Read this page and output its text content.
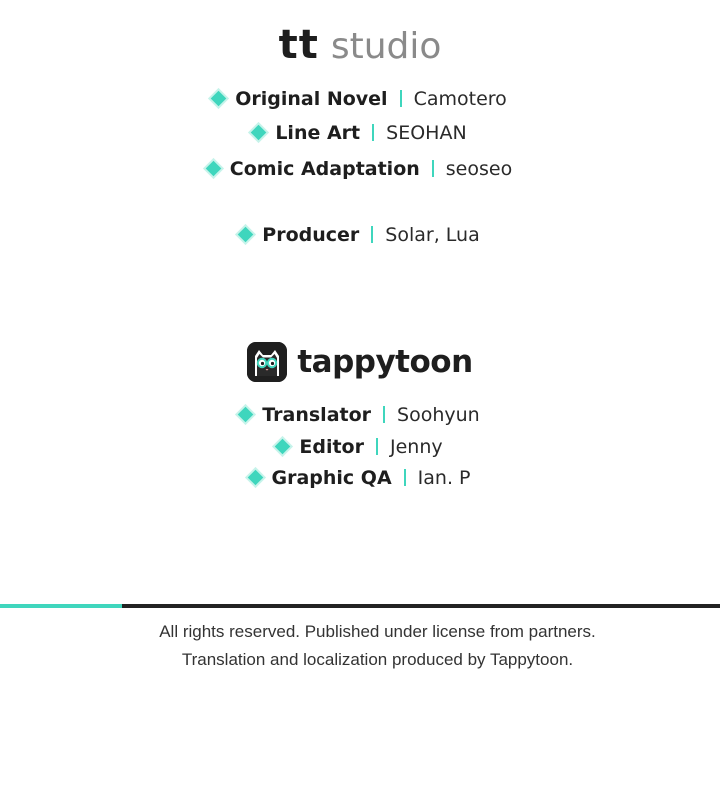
tt studio
Original Novel Camotero
Line Art SEOHAN
Comic Adaptation seoseo
Producer Solar, Lua
tappytoon
Translator Soohyun
Editor Jenny
Graphic QA Ian. P
All rights reserved. Published under license from partners.
Translation and localization produced by Tappytoon.
